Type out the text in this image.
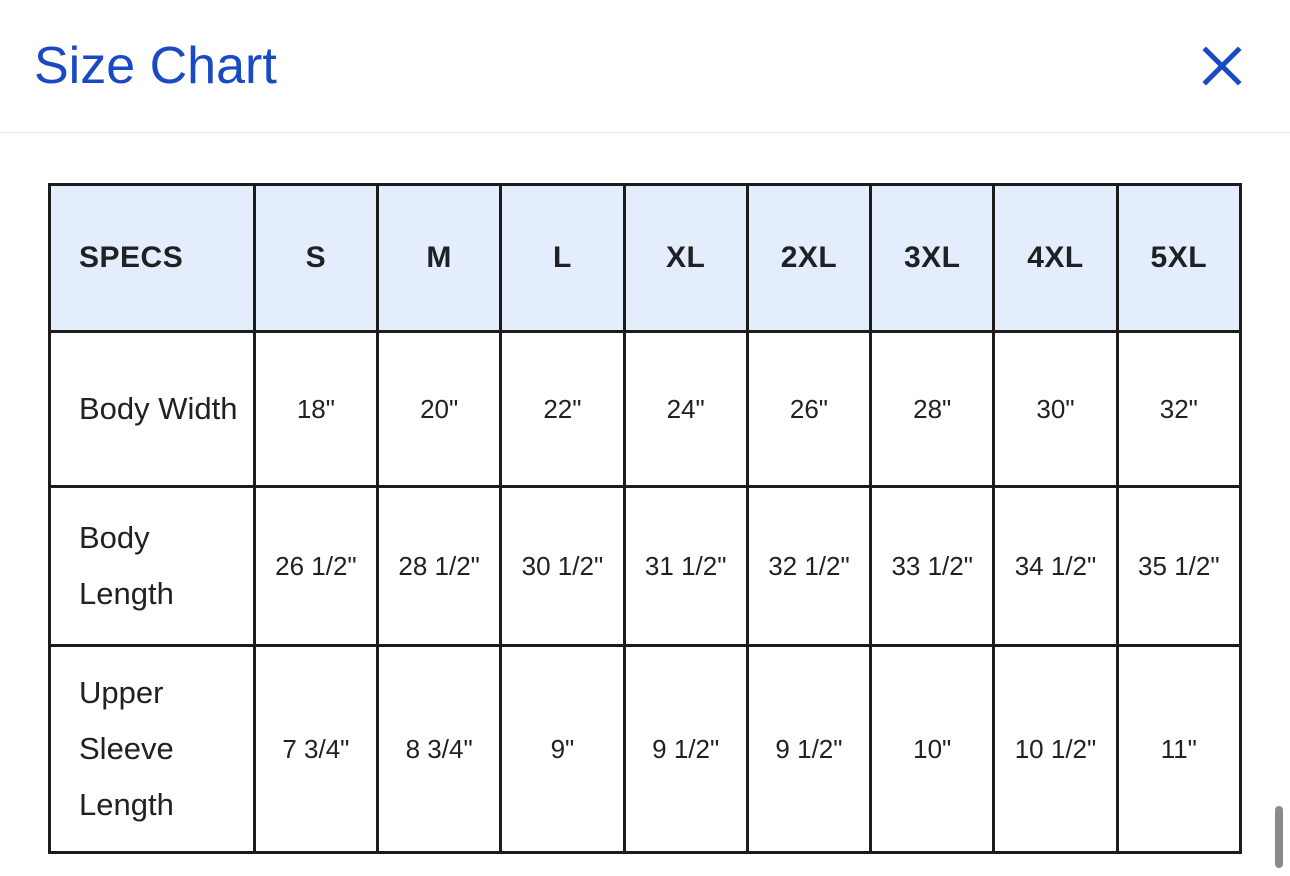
Size Chart
SPECS	S	M	L	XL	2XL	3XL	4XL	5XL
Body Width	18"	20"	22"	24"	26"	28"	30"	32"
Body Length	26 1/2"	28 1/2"	30 1/2"	31 1/2"	32 1/2"	33 1/2"	34 1/2"	35 1/2"
Upper Sleeve Length	7 3/4"	8 3/4"	9"	9 1/2"	9 1/2"	10"	10 1/2"	11"
